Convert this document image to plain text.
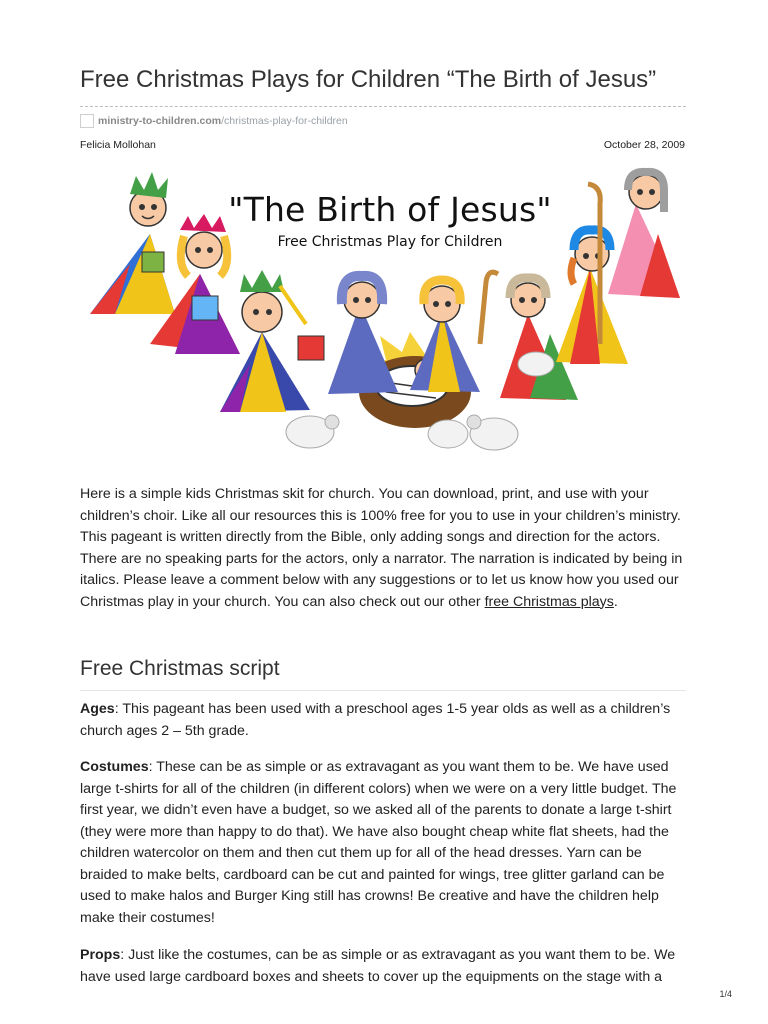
Free Christmas Plays for Children “The Birth of Jesus”
ministry-to-children.com /christmas-play-for-children
Felicia Mollohan	October 28, 2009
"The Birth of Jesus"
Free Christmas Play for Children

Here is a simple kids Christmas skit for church. You can download, print, and use with your children’s choir. Like all our resources this is 100% free for you to use in your children’s ministry. This pageant is written directly from the Bible, only adding songs and direction for the actors. There are no speaking parts for the actors, only a narrator. The narration is indicated by being in italics. Please leave a comment below with any suggestions or to let us know how you used our Christmas play in your church. You can also check out our other free Christmas plays.

Free Christmas script

Ages: This pageant has been used with a preschool ages 1-5 year olds as well as a children’s church ages 2 – 5th grade.

Costumes: These can be as simple or as extravagant as you want them to be. We have used large t-shirts for all of the children (in different colors) when we were on a very little budget. The first year, we didn’t even have a budget, so we asked all of the parents to donate a large t-shirt (they were more than happy to do that). We have also bought cheap white flat sheets, had the children watercolor on them and then cut them up for all of the head dresses. Yarn can be braided to make belts, cardboard can be cut and painted for wings, tree glitter garland can be used to make halos and Burger King still has crowns! Be creative and have the children help make their costumes!

Props: Just like the costumes, can be as simple or as extravagant as you want them to be. We have used large cardboard boxes and sheets to cover up the equipments on the stage with a

1/4
